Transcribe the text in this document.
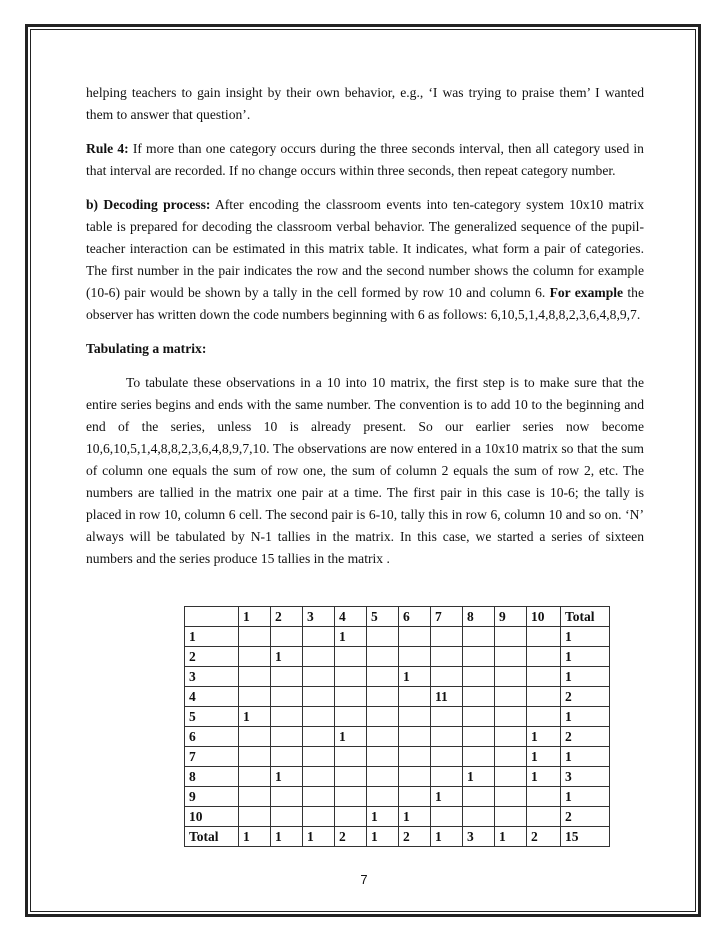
helping teachers to gain insight by their own behavior, e.g., ‘I was trying to praise them’ I wanted them to answer that question’.

Rule 4: If more than one category occurs during the three seconds interval, then all category used in that interval are recorded. If no change occurs within three seconds, then repeat category number.

b) Decoding process: After encoding the classroom events into ten-category system 10x10 matrix table is prepared for decoding the classroom verbal behavior. The generalized sequence of the pupil-teacher interaction can be estimated in this matrix table. It indicates, what form a pair of categories. The first number in the pair indicates the row and the second number shows the column for example (10-6) pair would be shown by a tally in the cell formed by row 10 and column 6. For example the observer has written down the code numbers beginning with 6 as follows: 6,10,5,1,4,8,8,2,3,6,4,8,9,7.

Tabulating a matrix:

To tabulate these observations in a 10 into 10 matrix, the first step is to make sure that the entire series begins and ends with the same number. The convention is to add 10 to the beginning and end of the series, unless 10 is already present. So our earlier series now become 10,6,10,5,1,4,8,8,2,3,6,4,8,9,7,10. The observations are now entered in a 10x10 matrix so that the sum of column one equals the sum of row one, the sum of column 2 equals the sum of row 2, etc. The numbers are tallied in the matrix one pair at a time. The first pair in this case is 10-6; the tally is placed in row 10, column 6 cell. The second pair is 6-10, tally this in row 6, column 10 and so on. ‘N’ always will be tabulated by N-1 tallies in the matrix. In this case, we started a series of sixteen numbers and the series produce 15 tallies in the matrix .

	1	2	3	4	5	6	7	8	9	10	Total
1				1							1
2		1									1
3						1					1
4							11				2
5	1										1
6				1						1	2
7										1	1
8		1						1		1	3
9							1				1
10					1	1					2
Total	1	1	1	2	1	2	1	3	1	2	15
7
